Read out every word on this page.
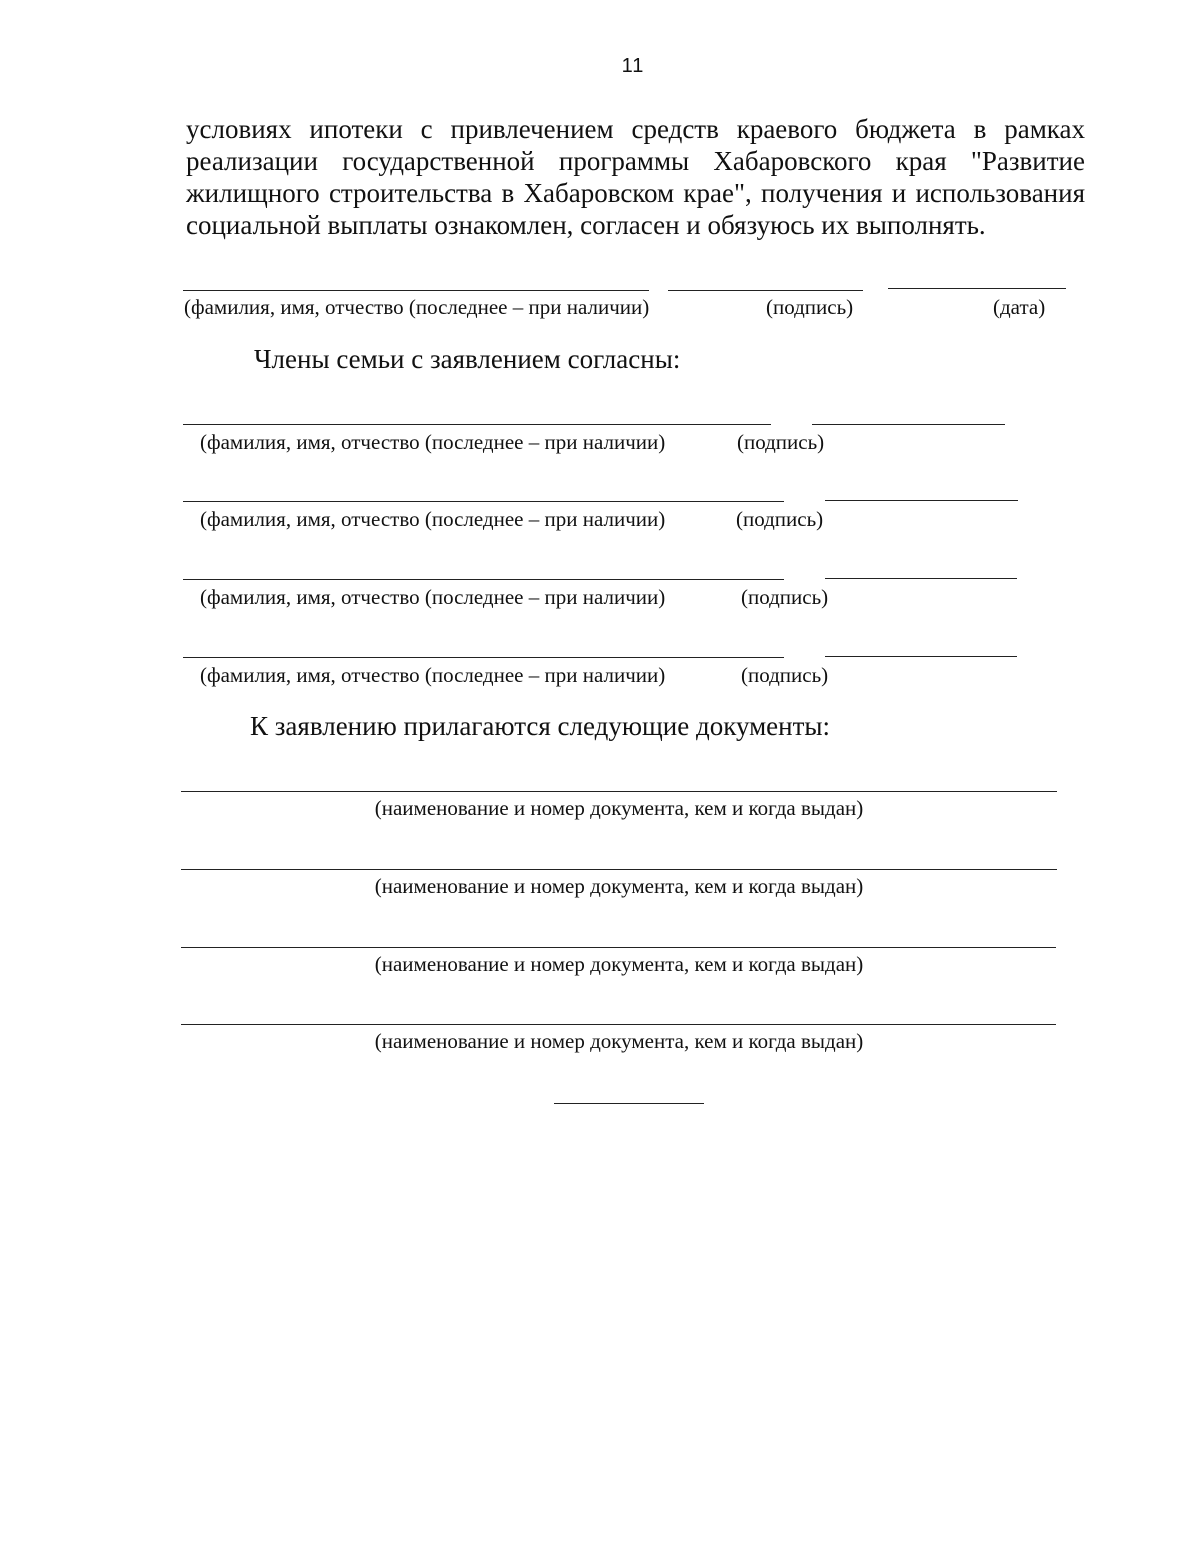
11

условиях ипотеки с привлечением средств краевого бюджета в рамках реализации государственной программы Хабаровского края "Развитие жилищного строительства в Хабаровском крае", получения и использования социальной выплаты ознакомлен, согласен и обязуюсь их выполнять.

(фамилия, имя, отчество (последнее – при наличии)	(подпись)	(дата)
Члены семьи с заявлением согласны:
(фамилия, имя, отчество (последнее – при наличии)	(подпись)
(фамилия, имя, отчество (последнее – при наличии)	(подпись)
(фамилия, имя, отчество (последнее – при наличии)	(подпись)
(фамилия, имя, отчество (последнее – при наличии)	(подпись)
К заявлению прилагаются следующие документы:
(наименование и номер документа, кем и когда выдан)
(наименование и номер документа, кем и когда выдан)
(наименование и номер документа, кем и когда выдан)
(наименование и номер документа, кем и когда выдан)
